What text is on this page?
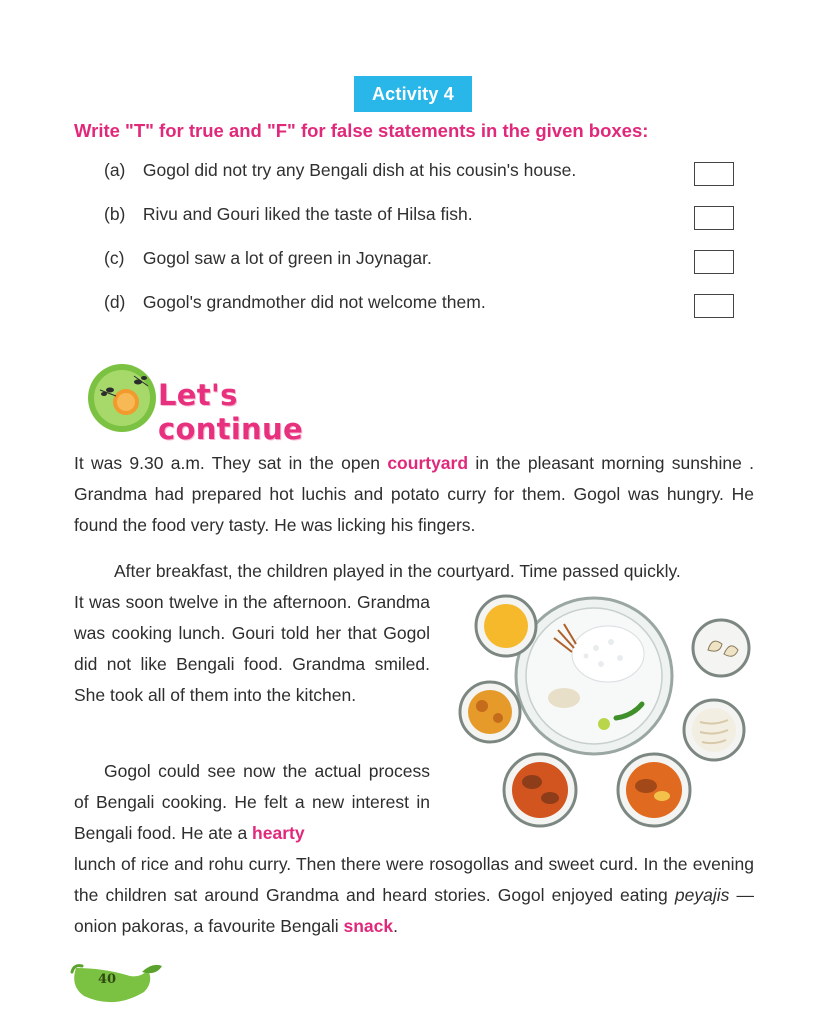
Activity 4
Write "T" for true and "F" for false statements in the given boxes:
(a) Gogol did not try any Bengali dish at his cousin's house.
(b) Rivu and Gouri liked the taste of Hilsa fish.
(c) Gogol saw a lot of green in Joynagar.
(d) Gogol's grandmother did not welcome them.
Let's continue
It was 9.30 a.m. They sat in the open courtyard in the pleasant morning sunshine . Grandma had prepared hot luchis and potato curry for them. Gogol was hungry. He found the food very tasty. He was licking his fingers.
After breakfast, the children played in the courtyard. Time passed quickly.
It was soon twelve in the afternoon. Grandma was cooking lunch. Gouri told her that Gogol did not like Bengali food. Grandma smiled. She took all of them into the kitchen.
Gogol could see now the actual process of Bengali cooking. He felt a new interest in Bengali food. He ate a hearty
lunch of rice and rohu curry. Then there were rosogollas and sweet curd. In the evening the children sat around Grandma and heard stories. Gogol enjoyed eating peyajis — onion pakoras, a favourite Bengali snack.
40
